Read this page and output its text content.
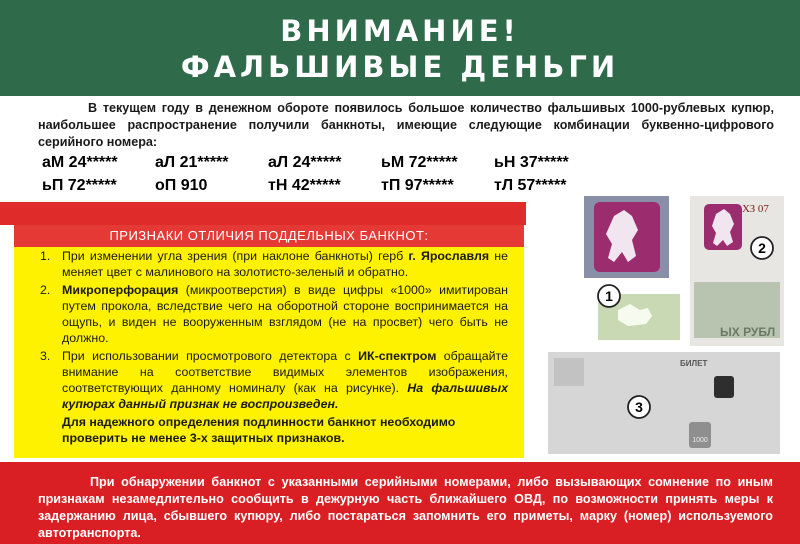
ВНИМАНИЕ!
ФАЛЬШИВЫЕ ДЕНЬГИ

В текущем году в денежном обороте появилось большое количество фальшивых 1000-рублевых купюр, наибольшее распространение получили банкноты, имеющие следующие комбинации буквенно-цифрового серийного номера:

аМ 24*****	аЛ 21*****	аЛ 24*****	ьМ 72*****	ьН 37*****
ьП 72*****	оП 910	тН 42*****	тП 97*****	тЛ 57*****
ПРИЗНАКИ ОТЛИЧИЯ ПОДДЕЛЬНЫХ БАНКНОТ:
1. При изменении угла зрения (при наклоне банкноты) герб г. Ярославля не меняет цвет с малинового на золотисто-зеленый и обратно.
2. Микроперфорация (микроотверстия) в виде цифры «1000» имитирован путем прокола, вследствие чего на оборотной стороне воспринимается на ощупь, и виден не вооруженным взглядом (не на просвет) чего быть не должно.
3. При использовании просмотрового детектора с ИК-спектром обращайте внимание на соответствие видимых элементов изображения, соответствующих данному номиналу (как на рисунке). На фальшивых купюрах данный признак не воспроизведен.
Для надежного определения подлинности банкнот необходимо проверить не менее 3-х защитных признаков.
ХЗ 07
ЫХ РУБЛ
1
2
БИЛЕТ
1000
3

При обнаружении банкнот с указанными серийными номерами, либо вызывающих сомнение по иным признакам незамедлительно сообщить в дежурную часть ближайшего ОВД, по возможности принять меры к задержанию лица, сбывшего купюру, либо постараться запомнить его приметы, марку (номер) используемого автотранспорта.
